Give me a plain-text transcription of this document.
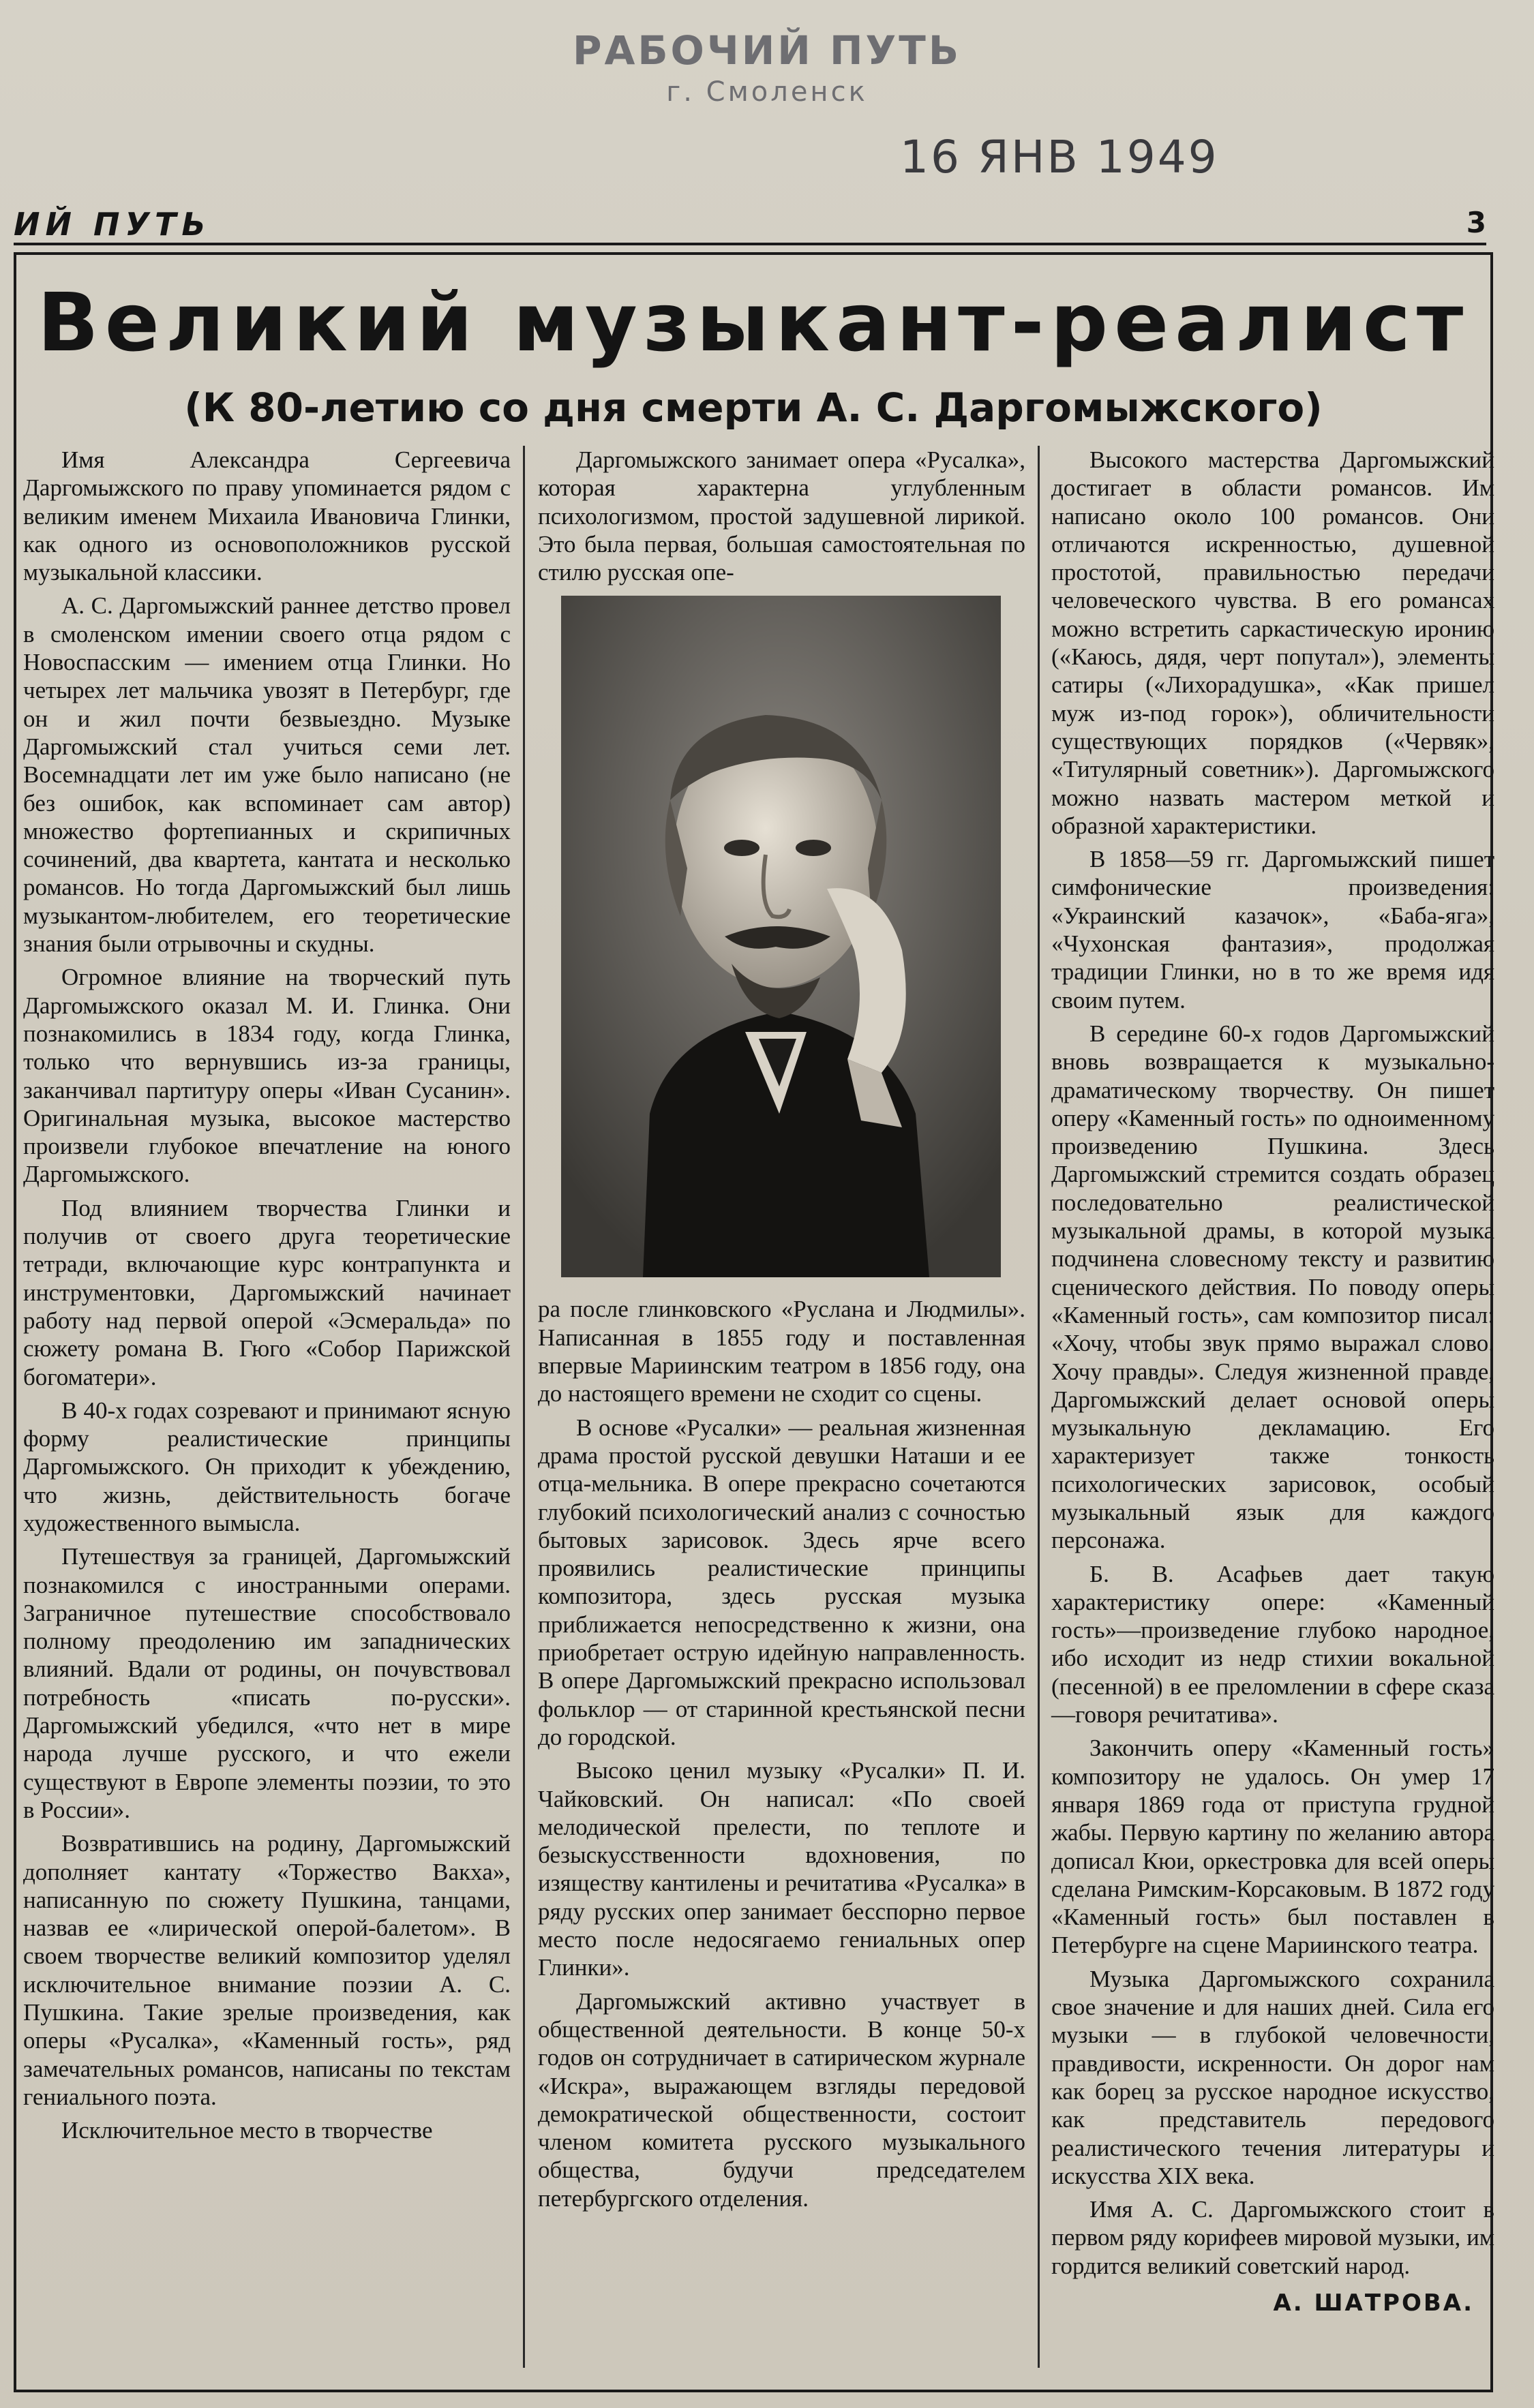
РАБОЧИЙ ПУТЬ
г. Смоленск
16 ЯНВ 1949
ИЙ ПУТЬ	3
Великий музыкант-реалист
(К 80-летию со дня смерти А. С. Даргомыжского)

Имя Александра Сергеевича Даргомыжского по праву упоминается рядом с великим именем Михаила Ивановича Глинки, как одного из основоположников русской музыкальной классики.

А. С. Даргомыжский раннее детство провел в смоленском имении своего отца рядом с Новоспасским — имением отца Глинки. Но четырех лет мальчика увозят в Петербург, где он и жил почти безвыездно. Музыке Даргомыжский стал учиться семи лет. Восемнадцати лет им уже было написано (не без ошибок, как вспоминает сам автор) множество фортепианных и скрипичных сочинений, два квартета, кантата и несколько романсов. Но тогда Даргомыжский был лишь музыкантом-любителем, его теоретические знания были отрывочны и скудны.

Огромное влияние на творческий путь Даргомыжского оказал М. И. Глинка. Они познакомились в 1834 году, когда Глинка, только что вернувшись из-за границы, заканчивал партитуру оперы «Иван Сусанин». Оригинальная музыка, высокое мастерство произвели глубокое впечатление на юного Даргомыжского.

Под влиянием творчества Глинки и получив от своего друга теоретические тетради, включающие курс контрапункта и инструментовки, Даргомыжский начинает работу над первой оперой «Эсмеральда» по сюжету романа В. Гюго «Собор Парижской богоматери».

В 40-х годах созревают и принимают ясную форму реалистические принципы Даргомыжского. Он приходит к убеждению, что жизнь, действительность богаче художественного вымысла.

Путешествуя за границей, Даргомыжский познакомился с иностранными операми. Заграничное путешествие способствовало полному преодолению им западнических влияний. Вдали от родины, он почувствовал потребность «писать по-русски». Даргомыжский убедился, «что нет в мире народа лучше русского, и что ежели существуют в Европе элементы поэзии, то это в России».

Возвратившись на родину, Даргомыжский дополняет кантату «Торжество Вакха», написанную по сюжету Пушкина, танцами, назвав ее «лирической оперой-балетом». В своем творчестве великий композитор уделял исключительное внимание поэзии А. С. Пушкина. Такие зрелые произведения, как оперы «Русалка», «Каменный гость», ряд замечательных романсов, написаны по текстам гениального поэта.

Исключительное место в творчестве

Даргомыжского занимает опера «Русалка», которая характерна углубленным психологизмом, простой задушевной лирикой. Это была первая, большая самостоятельная по стилю русская опе-

ра после глинковского «Руслана и Людмилы». Написанная в 1855 году и поставленная впервые Мариинским театром в 1856 году, она до настоящего времени не сходит со сцены.

В основе «Русалки» — реальная жизненная драма простой русской девушки Наташи и ее отца-мельника. В опере прекрасно сочетаются глубокий психологический анализ с сочностью бытовых зарисовок. Здесь ярче всего проявились реалистические принципы композитора, здесь русская музыка приближается непосредственно к жизни, она приобретает острую идейную направленность. В опере Даргомыжский прекрасно использовал фольклор — от старинной крестьянской песни до городской.

Высоко ценил музыку «Русалки» П. И. Чайковский. Он написал: «По своей мелодической прелести, по теплоте и безыскусственности вдохновения, по изяществу кантилены и речитатива «Русалка» в ряду русских опер занимает бесспорно первое место после недосягаемо гениальных опер Глинки».

Даргомыжский активно участвует в общественной деятельности. В конце 50-х годов он сотрудничает в сатирическом журнале «Искра», выражающем взгляды передовой демократической общественности, состоит членом комитета русского музыкального общества, будучи председателем петербургского отделения.

Высокого мастерства Даргомыжский достигает в области романсов. Им написано около 100 романсов. Они отличаются искренностью, душевной простотой, правильностью передачи человеческого чувства. В его романсах можно встретить саркастическую иронию («Каюсь, дядя, черт попутал»), элементы сатиры («Лихорадушка», «Как пришел муж из-под горок»), обличительности существующих порядков («Червяк», «Титулярный советник»). Даргомыжского можно назвать мастером меткой и образной характеристики.

В 1858—59 гг. Даргомыжский пишет симфонические произведения: «Украинский казачок», «Баба-яга», «Чухонская фантазия», продолжая традиции Глинки, но в то же время идя своим путем.

В середине 60-х годов Даргомыжский вновь возвращается к музыкально-драматическому творчеству. Он пишет оперу «Каменный гость» по одноименному произведению Пушкина. Здесь Даргомыжский стремится создать образец последовательно реалистической музыкальной драмы, в которой музыка подчинена словесному тексту и развитию сценического действия. По поводу оперы «Каменный гость», сам композитор писал: «Хочу, чтобы звук прямо выражал слово. Хочу правды». Следуя жизненной правде, Даргомыжский делает основой оперы музыкальную декламацию. Его характеризует также тонкость психологических зарисовок, особый музыкальный язык для каждого персонажа.

Б. В. Асафьев дает такую характеристику опере: «Каменный гость»—произведение глубоко народное, ибо исходит из недр стихии вокальной (песенной) в ее преломлении в сфере сказа—говоря речитатива».

Закончить оперу «Каменный гость» композитору не удалось. Он умер 17 января 1869 года от приступа грудной жабы. Первую картину по желанию автора дописал Кюи, оркестровка для всей оперы сделана Римским-Корсаковым. В 1872 году «Каменный гость» был поставлен в Петербурге на сцене Мариинского театра.

Музыка Даргомыжского сохранила свое значение и для наших дней. Сила его музыки — в глубокой человечности, правдивости, искренности. Он дорог нам как борец за русское народное искусство, как представитель передового реалистического течения литературы и искусства XIX века.

Имя А. С. Даргомыжского стоит в первом ряду корифеев мировой музыки, им гордится великий советский народ.

А. ШАТРОВА.
